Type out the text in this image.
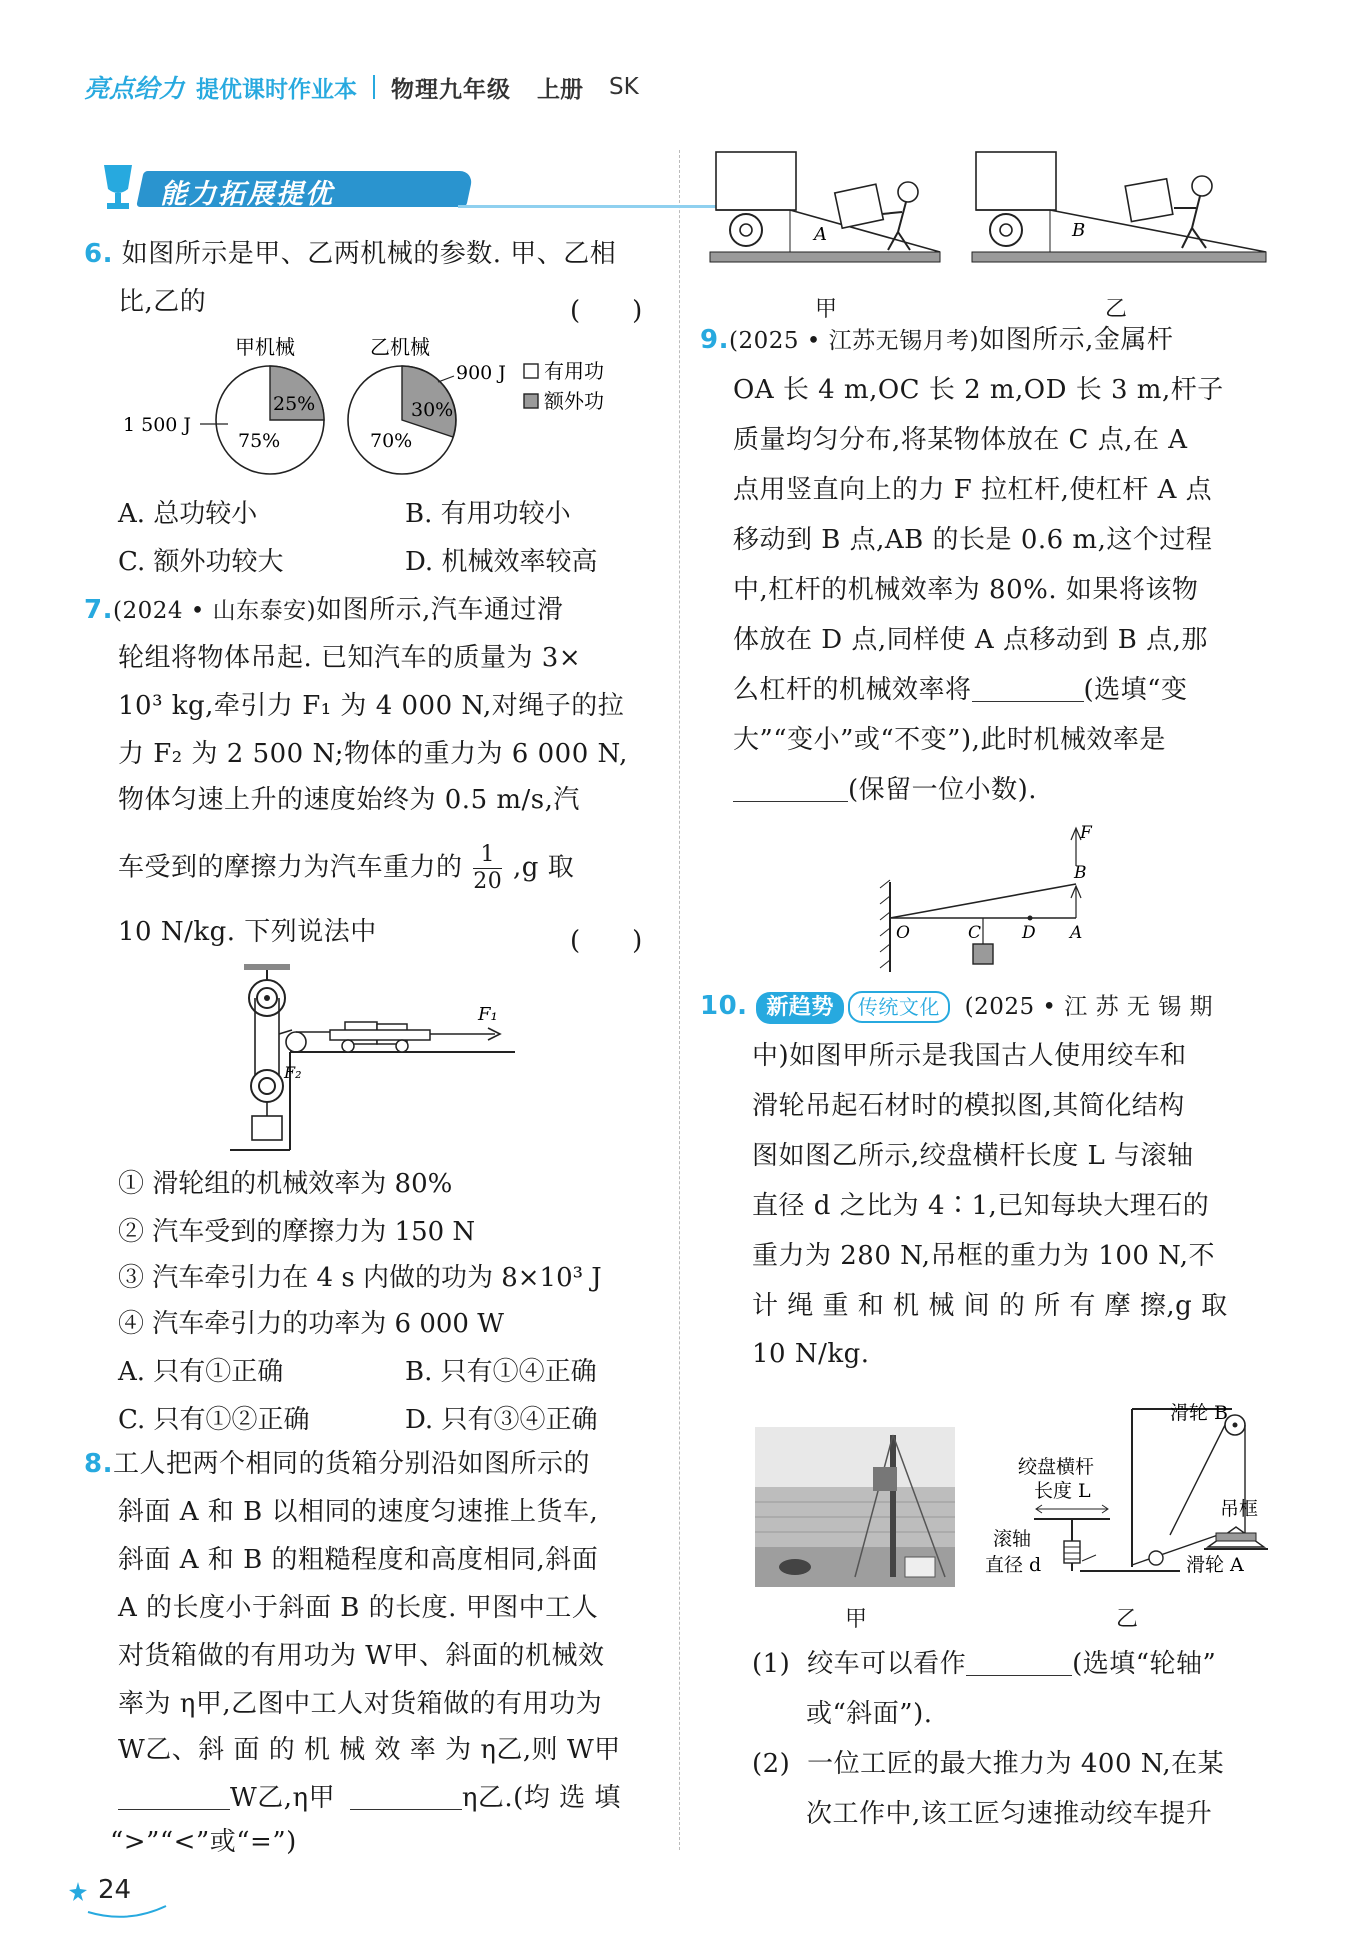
亮点给力 提优课时作业本 物理九年级 上册 SK
能力拓展提优
6. 如图所示是甲、乙两机械的参数. 甲、乙相
比,乙的	(　　)
甲机械	乙机械
25%
75%
1 500 J
30%
70%
900 J 有用功
额外功
A. 总功较小	B. 有用功较小
C. 额外功较大	D. 机械效率较高
7.(2024 • 山东泰安)如图所示,汽车通过滑
轮组将物体吊起. 已知汽车的质量为 3×
10³ kg,牵引力 F₁ 为 4 000 N,对绳子的拉
力 F₂ 为 2 500 N;物体的重力为 6 000 N,
物体匀速上升的速度始终为 0.5 m/s,汽
车受到的摩擦力为汽车重力的 $\frac{1}{20} ,g$ 取
10 N/kg. 下列说法中	(　　)
F₁
F₂
① 滑轮组的机械效率为 80%
② 汽车受到的摩擦力为 150 N
③ 汽车牵引力在 4 s 内做的功为 8×10³ J
④ 汽车牵引力的功率为 6 000 W
A. 只有①正确	B. 只有①④正确
C. 只有①②正确	D. 只有③④正确
8.工人把两个相同的货箱分别沿如图所示的
斜面 A 和 B 以相同的速度匀速推上货车,
斜面 A 和 B 的粗糙程度和高度相同,斜面
A 的长度小于斜面 B 的长度. 甲图中工人
对货箱做的有用功为 W甲、斜面的机械效
率为 η甲,乙图中工人对货箱做的有用功为
W乙、斜 面 的 机 械 效 率 为 η乙,则 W甲
W乙,η甲	η乙.(均 选 填
“>”“<”或“=”)
A	B
甲	乙
9.(2025 • 江苏无锡月考)如图所示,金属杆
OA 长 4 m,OC 长 2 m,OD 长 3 m,杆子
质量均匀分布,将某物体放在 C 点,在 A
点用竖直向上的力 F 拉杠杆,使杠杆 A 点
移动到 B 点,AB 的长是 0.6 m,这个过程
中,杠杆的机械效率为 80%. 如果将该物
体放在 D 点,同样使 A 点移动到 B 点,那
么杠杆的机械效率将	(选填“变
大”“变小”或“不变”),此时机械效率是
(保留一位小数).
O	C D A
B
F
10. 新趋势 传统文化 (2025 • 江 苏 无 锡 期
中)如图甲所示是我国古人使用绞车和
滑轮吊起石材时的模拟图,其简化结构
图如图乙所示,绞盘横杆长度 L 与滚轴
直径 d 之比为 4∶1,已知每块大理石的
重力为 280 N,吊框的重力为 100 N,不
计 绳 重 和 机 械 间 的 所 有 摩 擦,g 取
10 N/kg.
甲
滑轮 B
绞盘横杆
长度 L
滚轴
直径 d
吊框
滑轮 A
乙
(1) 绞车可以看作	(选填“轮轴”
或“斜面”).
(2) 一位工匠的最大推力为 400 N,在某
次工作中,该工匠匀速推动绞车提升
24
